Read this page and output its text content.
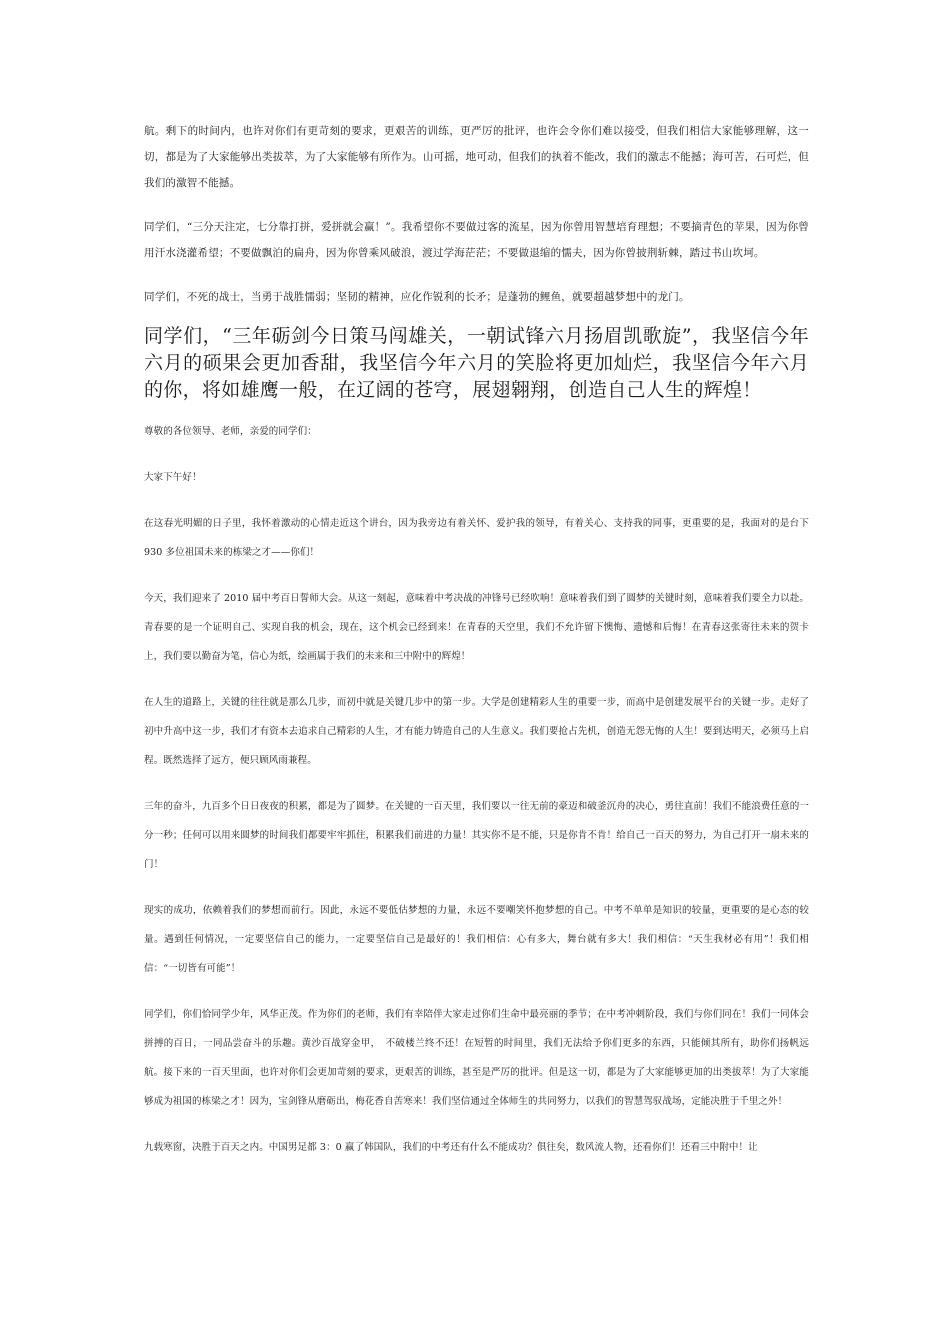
航。剩下的时间内，也许对你们有更苛刻的要求，更艰苦的训练，更严厉的批评，也许会令你们难以接受，但我们相信大家能够理解，这一切，都是为了大家能够出类拔萃，为了大家能够有所作为。山可摇，地可动，但我们的执着不能改，我们的激志不能撼；海可苦，石可烂，但我们的激智不能撼。

同学们，“三分天注定，七分靠打拼，爱拼就会赢！”。我希望你不要做过客的流星，因为你曾用智慧培育理想；不要摘青色的苹果，因为你曾用汗水浇灌希望；不要做飘泊的扁舟，因为你曾乘风破浪，渡过学海茫茫；不要做退缩的懦夫，因为你曾披荆斩棘，踏过书山坎坷。

同学们，不死的战士，当勇于战胜懦弱；坚韧的精神，应化作锐利的长矛；是蓬勃的鲤鱼，就要超越梦想中的龙门。

同学们，“三年砺剑今日策马闯雄关，一朝试锋六月扬眉凯歌旋”，我坚信今年六月的硕果会更加香甜，我坚信今年六月的笑脸将更加灿烂，我坚信今年六月的你，将如雄鹰一般，在辽阔的苍穹，展翅翱翔，创造自己人生的辉煌！

尊敬的各位领导、老师，亲爱的同学们：

大家下午好！

在这春光明媚的日子里，我怀着激动的心情走近这个讲台，因为我旁边有着关怀、爱护我的领导，有着关心、支持我的同事，更重要的是，我面对的是台下 930 多位祖国未来的栋梁之才——你们！

今天，我们迎来了 2010 届中考百日誓师大会。从这一刻起，意味着中考决战的冲锋号已经吹响！意味着我们到了圆梦的关键时刻，意味着我们要全力以赴。青春要的是一个证明自己、实现自我的机会，现在，这个机会已经到来！在青春的天空里，我们不允许留下懊悔、遗憾和后悔！在青春这张寄往未来的贺卡上，我们要以勤奋为笔，信心为纸，绘画属于我们的未来和三中附中的辉煌！

在人生的道路上，关键的往往就是那么几步，而初中就是关键几步中的第一步。大学是创建精彩人生的重要一步，而高中是创建发展平台的关键一步。走好了初中升高中这一步，我们才有资本去追求自己精彩的人生，才有能力铸造自己的人生意义。我们要抢占先机，创造无怨无悔的人生！要到达明天，必须马上启程。既然选择了远方，便只顾风雨兼程。

三年的奋斗，九百多个日日夜夜的积累，都是为了圆梦。在关键的一百天里，我们要以一往无前的豪迈和破釜沉舟的决心，勇往直前！我们不能浪费任意的一分一秒；任何可以用来圆梦的时间我们都要牢牢抓住，积累我们前进的力量！其实你不是不能，只是你肯不肯！给自己一百天的努力，为自己打开一扇未来的门！

现实的成功，依赖着我们的梦想而前行。因此，永远不要低估梦想的力量，永远不要嘲笑怀抱梦想的自己。中考不单单是知识的较量，更重要的是心态的较量。遇到任何情况，一定要坚信自己的能力，一定要坚信自己是最好的！我们相信：心有多大，舞台就有多大！我们相信：“天生我材必有用”！我们相信：“一切皆有可能”！

同学们，你们恰同学少年，风华正茂。作为你们的老师，我们有幸陪伴大家走过你们生命中最亮丽的季节；在中考冲刺阶段，我们与你们同在！我们一同体会拼搏的百日，一同品尝奋斗的乐趣。黄沙百战穿金甲，　不破楼兰终不还！在短暂的时间里，我们无法给予你们更多的东西，只能倾其所有，助你们扬帆远航。接下来的一百天里面，也许对你们会更加苛刻的要求，更艰苦的训练，甚至是严厉的批评。但是这一切，都是为了大家能够更加的出类拔萃！为了大家能够成为祖国的栋梁之才！因为，宝剑锋从磨砺出，梅花香自苦寒来！我们坚信通过全体师生的共同努力，以我们的智慧驾驭战场，定能决胜于千里之外！

九载寒窗，决胜于百天之内。中国男足都 3：0 赢了韩国队，我们的中考还有什么不能成功？俱往矣，数风流人物，还看你们！还看三中附中！让
